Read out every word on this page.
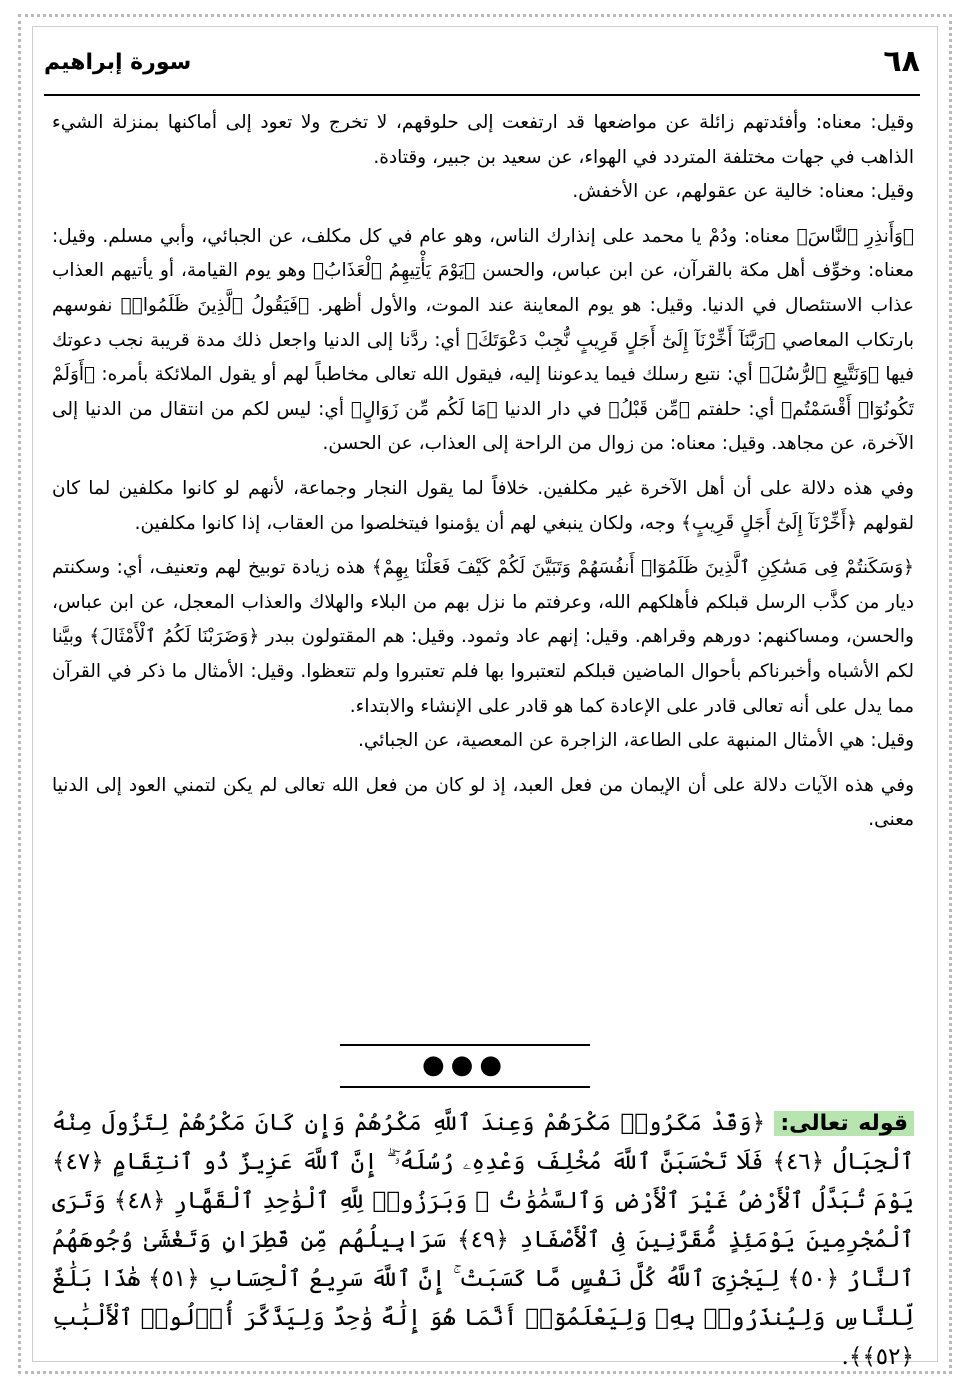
٦٨
سورة إبراهيم

وقيل: معناه: وأفئدتهم زائلة عن مواضعها قد ارتفعت إلى حلوقهم، لا تخرج ولا تعود إلى أماكنها بمنزلة الشيء الذاهب في جهات مختلفة المتردد في الهواء، عن سعيد بن جبير، وقتادة.

وقيل: معناه: خالية عن عقولهم، عن الأخفش.

﴿وَأَنذِرِ ٱلنَّاسَ﴾ معناه: ودُمْ يا محمد على إنذارك الناس، وهو عام في كل مكلف، عن الجبائي، وأبي مسلم. وقيل: معناه: وخوِّف أهل مكة بالقرآن، عن ابن عباس، والحسن ﴿يَوْمَ يَأْتِيهِمُ ٱلْعَذَابُ﴾ وهو يوم القيامة، أو يأتيهم العذاب عذاب الاستئصال في الدنيا. وقيل: هو يوم المعاينة عند الموت، والأول أظهر. ﴿فَيَقُولُ ٱلَّذِينَ ظَلَمُوا۟﴾ نفوسهم بارتكاب المعاصي ﴿رَبَّنَآ أَخِّرْنَآ إِلَىٰٓ أَجَلٍ قَرِيبٍ نُّجِبْ دَعْوَتَكَ﴾ أي: ردَّنا إلى الدنيا واجعل ذلك مدة قريبة نجب دعوتك فيها ﴿وَنَتَّبِعِ ٱلرُّسُلَ﴾ أي: نتبع رسلك فيما يدعوننا إليه، فيقول الله تعالى مخاطباً لهم أو يقول الملائكة بأمره: ﴿أَوَلَمْ تَكُونُوٓا۟ أَقْسَمْتُم﴾ أي: حلفتم ﴿مِّن قَبْلُ﴾ في دار الدنيا ﴿مَا لَكُم مِّن زَوَالٍ﴾ أي: ليس لكم من انتقال من الدنيا إلى الآخرة، عن مجاهد. وقيل: معناه: من زوال من الراحة إلى العذاب، عن الحسن.

وفي هذه دلالة على أن أهل الآخرة غير مكلفين. خلافاً لما يقول النجار وجماعة، لأنهم لو كانوا مكلفين لما كان لقولهم ﴿أَخِّرْنَآ إِلَىٰٓ أَجَلٍ قَرِيبٍ﴾ وجه، ولكان ينبغي لهم أن يؤمنوا فيتخلصوا من العقاب، إذا كانوا مكلفين.

﴿وَسَكَنتُمْ فِى مَسَٰكِنِ ٱلَّذِينَ ظَلَمُوٓا۟ أَنفُسَهُمْ وَتَبَيَّنَ لَكُمْ كَيْفَ فَعَلْنَا بِهِمْ﴾ هذه زيادة توبيخ لهم وتعنيف، أي: وسكنتم ديار من كذَّب الرسل قبلكم فأهلكهم الله، وعرفتم ما نزل بهم من البلاء والهلاك والعذاب المعجل، عن ابن عباس، والحسن، ومساكنهم: دورهم وقراهم. وقيل: إنهم عاد وثمود. وقيل: هم المقتولون ببدر ﴿وَضَرَبْنَا لَكُمُ ٱلْأَمْثَالَ﴾ وبيَّنا لكم الأشباه وأخبرناكم بأحوال الماضين قبلكم لتعتبروا بها فلم تعتبروا ولم تتعظوا. وقيل: الأمثال ما ذكر في القرآن مما يدل على أنه تعالى قادر على الإعادة كما هو قادر على الإنشاء والابتداء.

وقيل: هي الأمثال المنبهة على الطاعة، الزاجرة عن المعصية، عن الجبائي.

وفي هذه الآيات دلالة على أن الإيمان من فعل العبد، إذ لو كان من فعل الله تعالى لم يكن لتمني العود إلى الدنيا معنى.

●●●
قوله تعالى: ﴿وَقَدْ مَكَرُوا۟ مَكْرَهُمْ وَعِندَ ٱللَّهِ مَكْرُهُمْ وَإِن كَانَ مَكْرُهُمْ لِتَزُولَ مِنْهُ ٱلْجِبَالُ ﴿٤٦﴾ فَلَا تَحْسَبَنَّ ٱللَّهَ مُخْلِفَ وَعْدِهِۦ رُسُلَهُۥٓ ۗ إِنَّ ٱللَّهَ عَزِيزٌ ذُو ٱنتِقَامٍ ﴿٤٧﴾ يَوْمَ تُبَدَّلُ ٱلْأَرْضُ غَيْرَ ٱلْأَرْضِ وَٱلسَّمَٰوَٰتُ ۖ وَبَرَزُوا۟ لِلَّهِ ٱلْوَٰحِدِ ٱلْقَهَّارِ ﴿٤٨﴾ وَتَرَى ٱلْمُجْرِمِينَ يَوْمَئِذٍ مُّقَرَّنِينَ فِى ٱلْأَصْفَادِ ﴿٤٩﴾ سَرَابِيلُهُم مِّن قَطِرَانٍ وَتَغْشَىٰ وُجُوهَهُمُ ٱلنَّارُ ﴿٥٠﴾ لِيَجْزِىَ ٱللَّهُ كُلَّ نَفْسٍ مَّا كَسَبَتْ ۚ إِنَّ ٱللَّهَ سَرِيعُ ٱلْحِسَابِ ﴿٥١﴾ هَٰذَا بَلَٰغٌ لِّلنَّاسِ وَلِيُنذَرُوا۟ بِهِۦ وَلِيَعْلَمُوٓا۟ أَنَّمَا هُوَ إِلَٰهٌ وَٰحِدٌ وَلِيَذَّكَّرَ أُو۟لُوا۟ ٱلْأَلْبَٰبِ ﴿٥٢﴾﴾.
